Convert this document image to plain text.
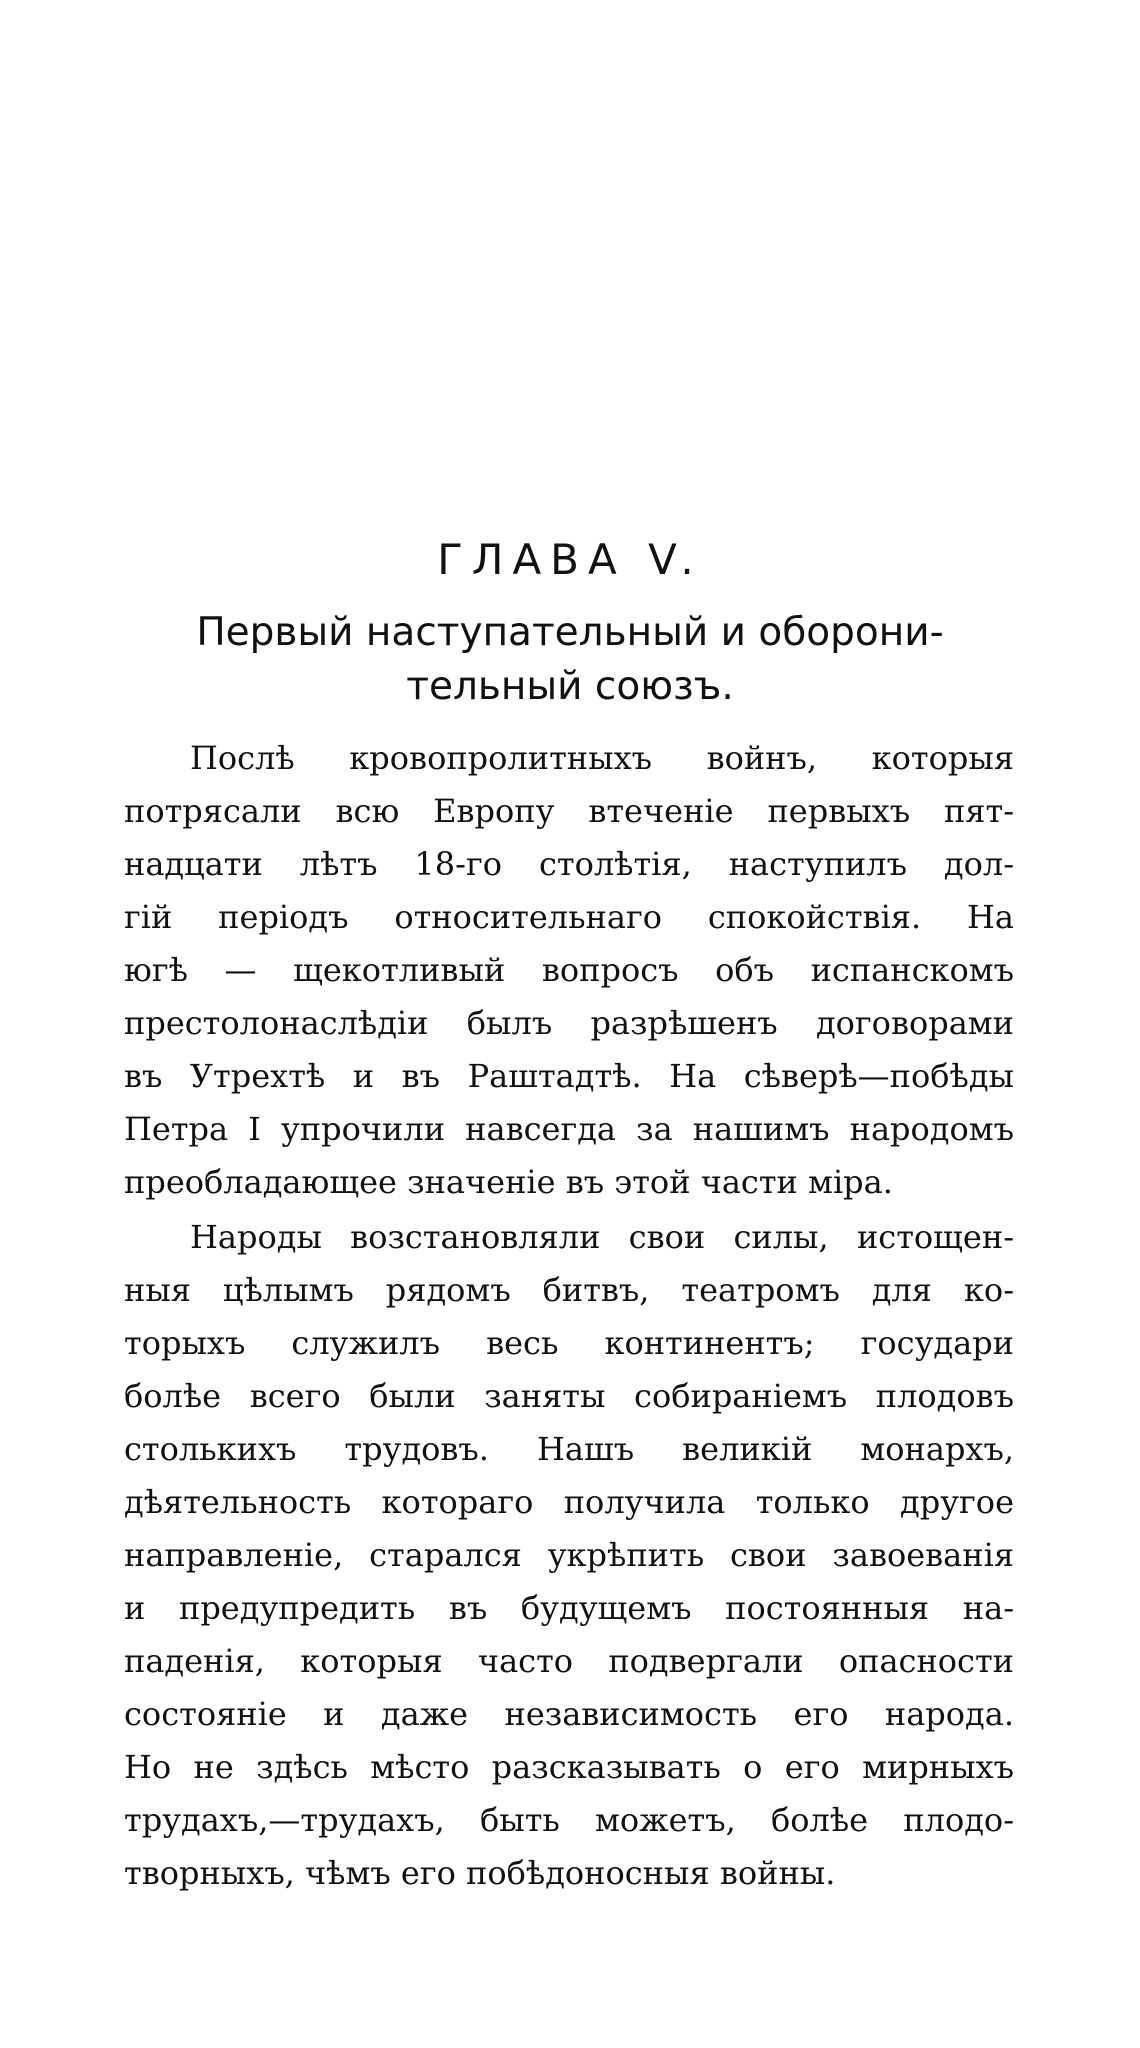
ГЛАВА V.
Первый наступательный и оборони-
тельный союзъ.
Послѣ кровопролитныхъ войнъ, которыя
потрясали всю Европу втеченіе первыхъ пят-
надцати лѣтъ 18-го столѣтія, наступилъ дол-
гій періодъ относительнаго спокойствія. На
югѣ — щекотливый вопросъ объ испанскомъ
престолонаслѣдіи былъ разрѣшенъ договорами
въ Утрехтѣ и въ Раштадтѣ. На сѣверѣ—побѣды
Петра I упрочили навсегда за нашимъ народомъ
преобладающее значеніе въ этой части міра.
Народы возстановляли свои силы, истощен-
ныя цѣлымъ рядомъ битвъ, театромъ для ко-
торыхъ служилъ весь континентъ; государи
болѣе всего были заняты собираніемъ плодовъ
столькихъ трудовъ. Нашъ великій монархъ,
дѣятельность котораго получила только другое
направленіе, старался укрѣпить свои завоеванія
и предупредить въ будущемъ постоянныя на-
паденія, которыя часто подвергали опасности
состояніе и даже независимость его народа.
Но не здѣсь мѣсто разсказывать о его мирныхъ
трудахъ,—трудахъ, быть можетъ, болѣе плодо-
творныхъ, чѣмъ его побѣдоносныя войны.
